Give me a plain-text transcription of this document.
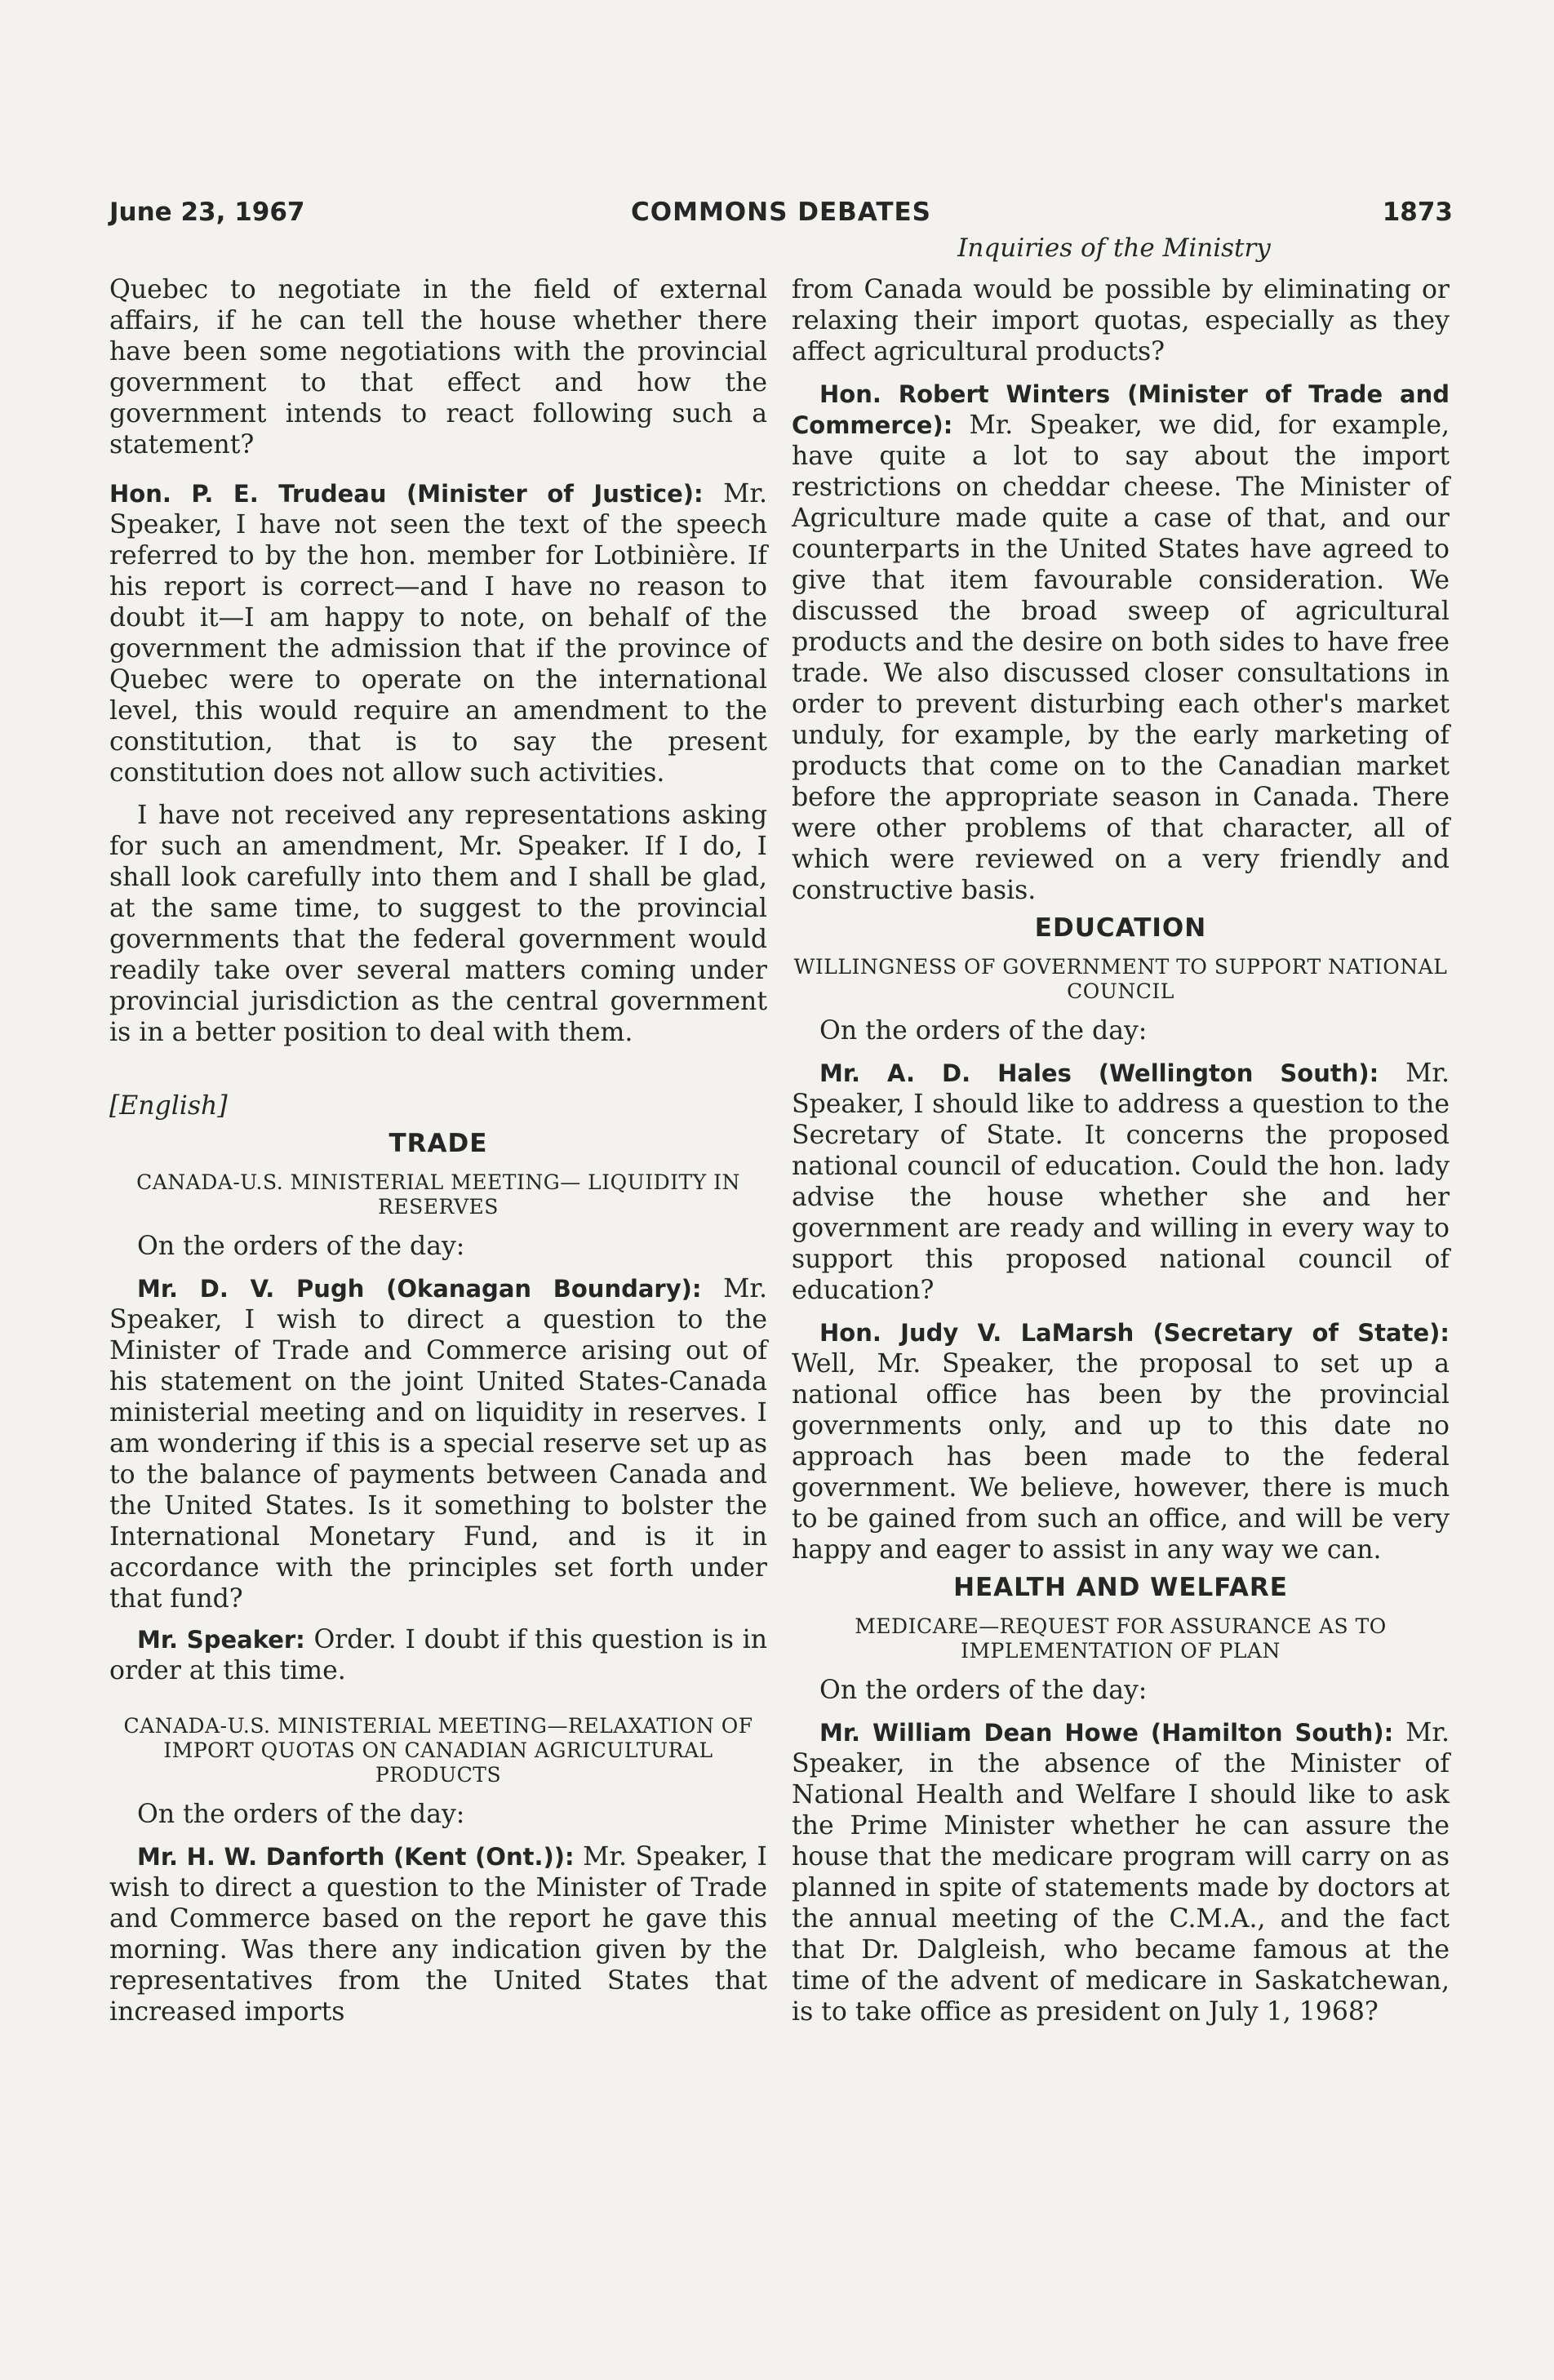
June 23, 1967	COMMONS DEBATES	1873
Inquiries of the Ministry

Quebec to negotiate in the field of external affairs, if he can tell the house whether there have been some negotiations with the provincial government to that effect and how the government intends to react following such a statement?

Hon. P. E. Trudeau (Minister of Justice): Mr. Speaker, I have not seen the text of the speech referred to by the hon. member for Lotbinière. If his report is correct—and I have no reason to doubt it—I am happy to note, on behalf of the government the admission that if the province of Quebec were to operate on the international level, this would require an amendment to the constitution, that is to say the present constitution does not allow such activities.

I have not received any representations asking for such an amendment, Mr. Speaker. If I do, I shall look carefully into them and I shall be glad, at the same time, to suggest to the provincial governments that the federal government would readily take over several matters coming under provincial jurisdiction as the central government is in a better position to deal with them.

[English]
TRADE
CANADA-U.S. MINISTERIAL MEETING— LIQUIDITY IN RESERVES

On the orders of the day:

Mr. D. V. Pugh (Okanagan Boundary): Mr. Speaker, I wish to direct a question to the Minister of Trade and Commerce arising out of his statement on the joint United States-Canada ministerial meeting and on liquidity in reserves. I am wondering if this is a special reserve set up as to the balance of payments between Canada and the United States. Is it something to bolster the International Monetary Fund, and is it in accordance with the principles set forth under that fund?

Mr. Speaker: Order. I doubt if this question is in order at this time.

CANADA-U.S. MINISTERIAL MEETING—RELAXATION OF IMPORT QUOTAS ON CANADIAN AGRICULTURAL PRODUCTS

On the orders of the day:

Mr. H. W. Danforth (Kent (Ont.)): Mr. Speaker, I wish to direct a question to the Minister of Trade and Commerce based on the report he gave this morning. Was there any indication given by the representatives from the United States that increased imports

from Canada would be possible by eliminating or relaxing their import quotas, especially as they affect agricultural products?

Hon. Robert Winters (Minister of Trade and Commerce): Mr. Speaker, we did, for example, have quite a lot to say about the import restrictions on cheddar cheese. The Minister of Agriculture made quite a case of that, and our counterparts in the United States have agreed to give that item favourable consideration. We discussed the broad sweep of agricultural products and the desire on both sides to have free trade. We also discussed closer consultations in order to prevent disturbing each other's market unduly, for example, by the early marketing of products that come on to the Canadian market before the appropriate season in Canada. There were other problems of that character, all of which were reviewed on a very friendly and constructive basis.

EDUCATION
WILLINGNESS OF GOVERNMENT TO SUPPORT NATIONAL COUNCIL

On the orders of the day:

Mr. A. D. Hales (Wellington South): Mr. Speaker, I should like to address a question to the Secretary of State. It concerns the proposed national council of education. Could the hon. lady advise the house whether she and her government are ready and willing in every way to support this proposed national council of education?

Hon. Judy V. LaMarsh (Secretary of State): Well, Mr. Speaker, the proposal to set up a national office has been by the provincial governments only, and up to this date no approach has been made to the federal government. We believe, however, there is much to be gained from such an office, and will be very happy and eager to assist in any way we can.

HEALTH AND WELFARE
MEDICARE—REQUEST FOR ASSURANCE AS TO IMPLEMENTATION OF PLAN

On the orders of the day:

Mr. William Dean Howe (Hamilton South): Mr. Speaker, in the absence of the Minister of National Health and Welfare I should like to ask the Prime Minister whether he can assure the house that the medicare program will carry on as planned in spite of statements made by doctors at the annual meeting of the C.M.A., and the fact that Dr. Dalgleish, who became famous at the time of the advent of medicare in Saskatchewan, is to take office as president on July 1, 1968?
